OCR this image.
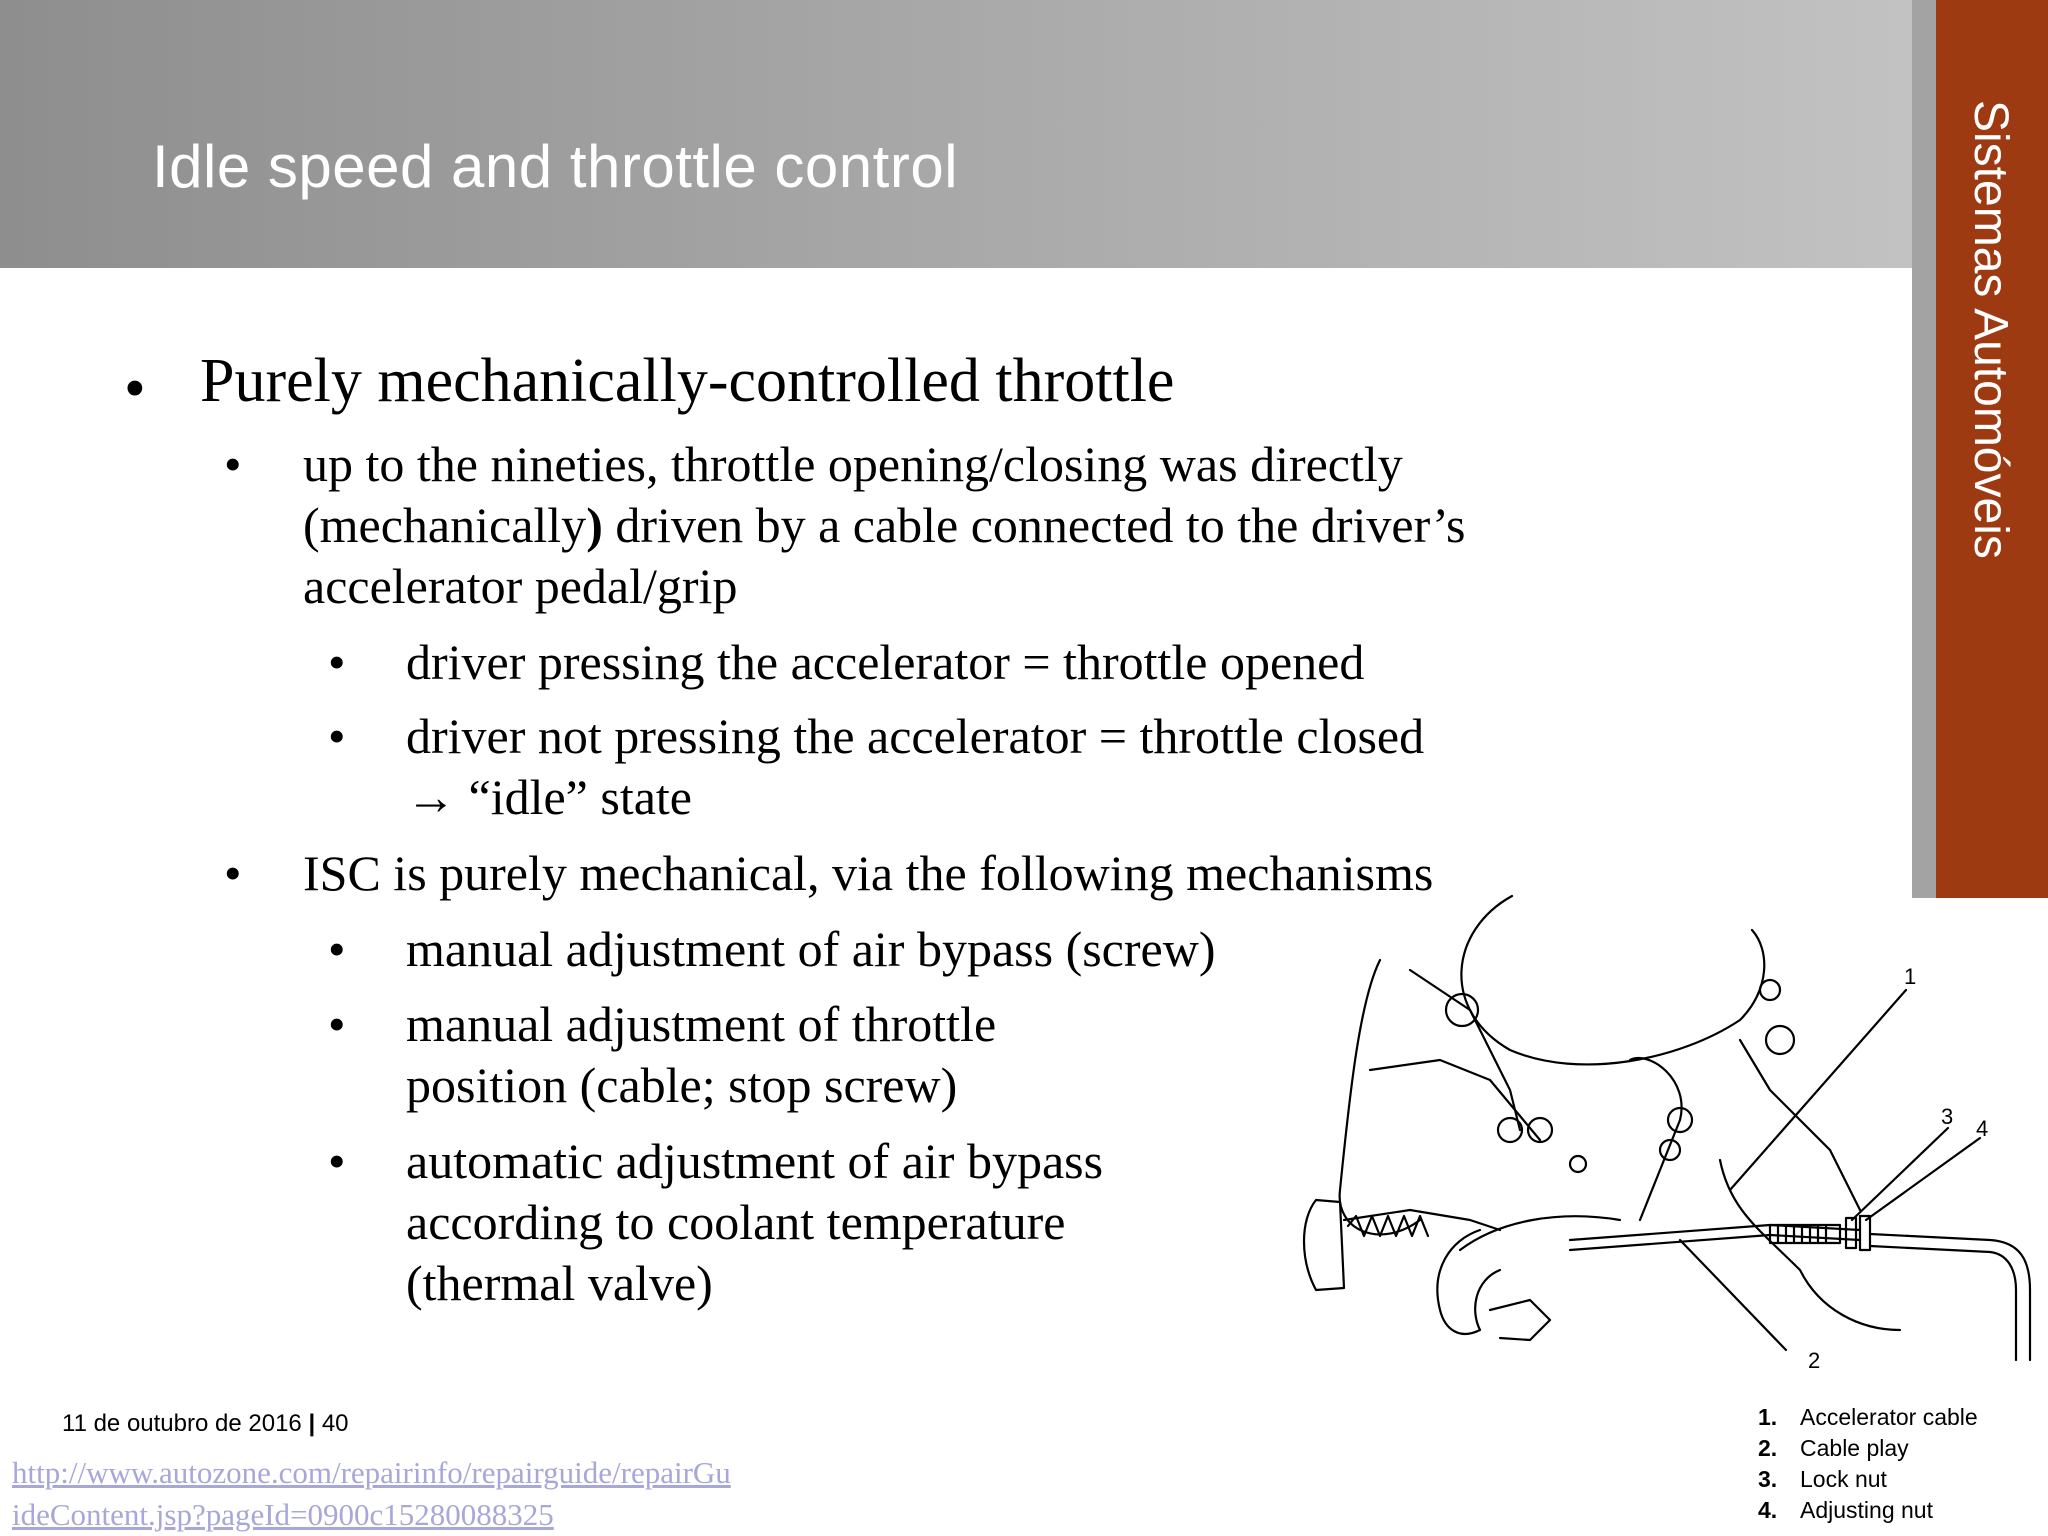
Idle speed and throttle control	Sistemas Automóveis
• Purely mechanically-controlled throttle
• up to the nineties, throttle opening/closing was directly
(mechanically) driven by a cable connected to the driver’s
accelerator pedal/grip
• driver pressing the accelerator = throttle opened
• driver not pressing the accelerator = throttle closed
→ “idle” state
• ISC is purely mechanical, via the following mechanisms
• manual adjustment of air bypass (screw)
• manual adjustment of throttle
position (cable; stop screw)
• automatic adjustment of air bypass
according to coolant temperature
(thermal valve)
11 de outubro de 2016 | 40
http://www.autozone.com/repairinfo/repairguide/repairGu
ideContent.jsp?pageId=0900c15280088325
1
2
3 4
1. Accelerator cable
2. Cable play
3. Lock nut
4. Adjusting nut
